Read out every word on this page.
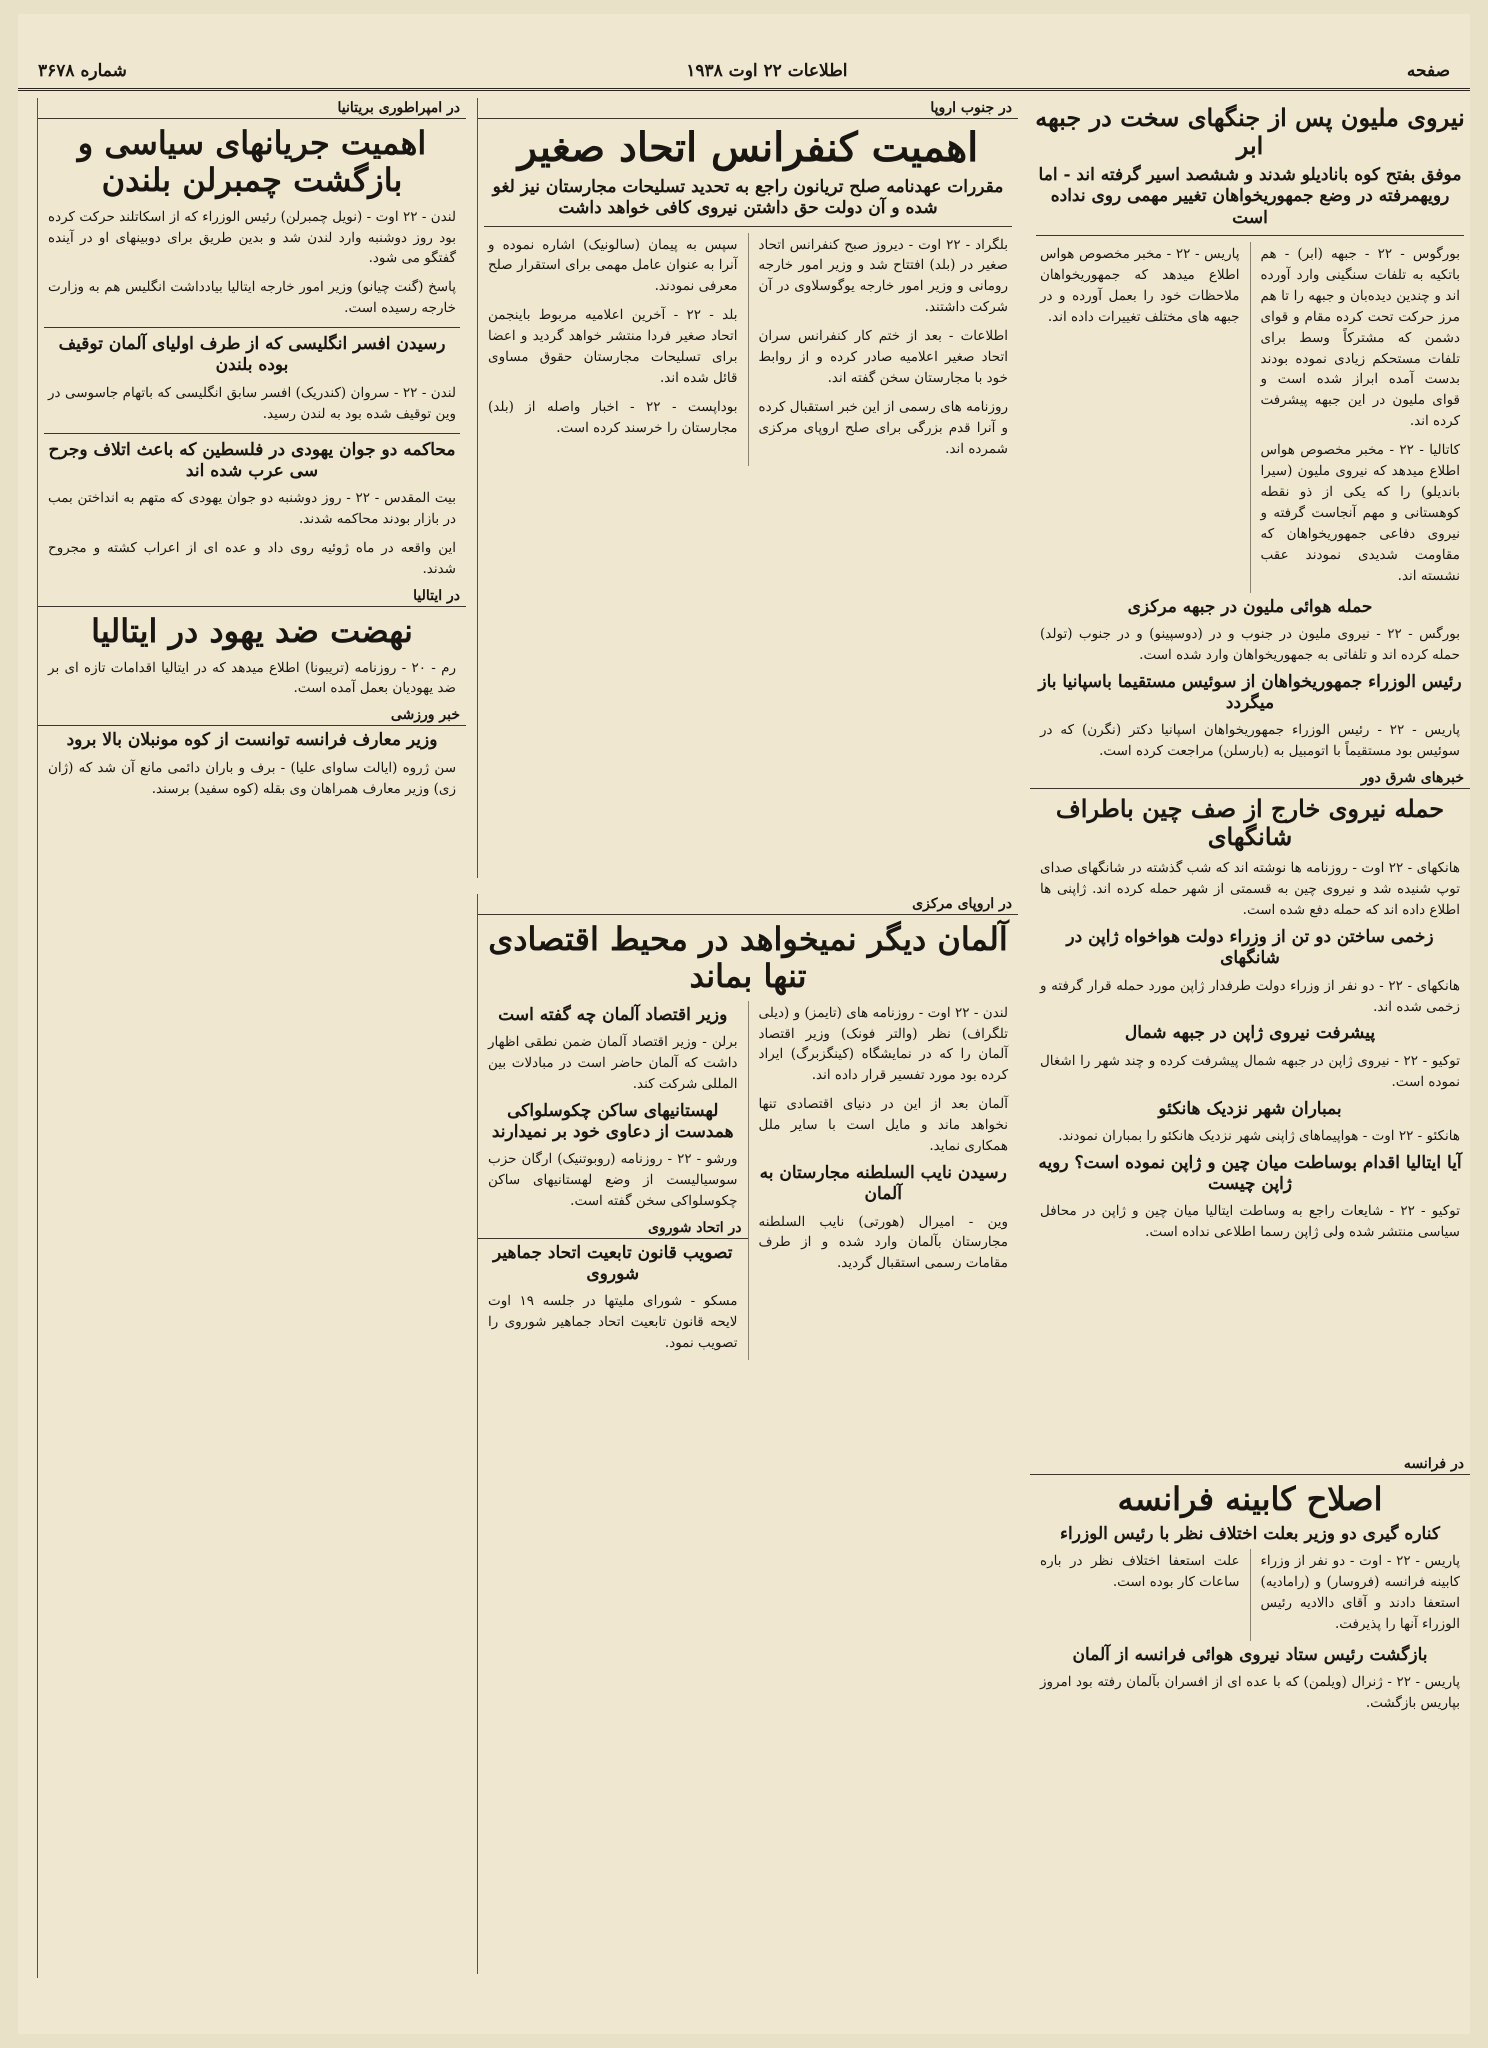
صفحه
اطلاعات ۲۲ اوت ۱۹۳۸
شماره ۳۶۷۸
نیروی ملیون پس از جنگهای سخت در جبهه ابر
موفق بفتح کوه بانادیلو شدند و ششصد اسیر گرفته اند - اما رویهمرفته در وضع جمهوریخواهان تغییر مهمی روی نداده است

بورگوس - ۲۲ - جبهه (ابر) - هم باتکیه به تلفات سنگینی وارد آورده اند و چندین دیده‌بان و جبهه را تا هم مرز حرکت تحت کرده مقام و قوای دشمن که مشترکاً وسط برای تلفات مستحکم زیادی نموده بودند بدست آمده ابراز شده است و قوای ملیون در این جبهه پیشرفت کرده اند.

کاتالیا - ۲۲ - مخبر مخصوص هواس اطلاع میدهد که نیروی ملیون (سیرا باندیلو) را که یکی از ذو نقطه کوهستانی و مهم آنجاست گرفته و نیروی دفاعی جمهوریخواهان که مقاومت شدیدی نمودند عقب نشسته اند.

پاریس - ۲۲ - مخبر مخصوص هواس اطلاع میدهد که جمهوریخواهان ملاحظات خود را بعمل آورده و در جبهه های مختلف تغییرات داده اند.

حمله هوائی ملیون در جبهه مرکزی

بورگس - ۲۲ - نیروی ملیون در جنوب و در (دوسپینو) و در جنوب (تولد) حمله کرده اند و تلفاتی به جمهوریخواهان وارد شده است.

رئیس الوزراء جمهوریخواهان از سوئیس مستقیما باسپانیا باز میگردد

پاریس - ۲۲ - رئیس الوزراء جمهوریخواهان اسپانیا دکتر (نگرن) که در سوئیس بود مستقیماً با اتومبیل به (بارسلن) مراجعت کرده است.

خبرهای شرق دور
حمله نیروی خارج از صف چین باطراف شانگهای

هانکهای - ۲۲ اوت - روزنامه ها نوشته اند که شب گذشته در شانگهای صدای توپ شنیده شد و نیروی چین به قسمتی از شهر حمله کرده اند. ژاپنی ها اطلاع داده اند که حمله دفع شده است.

زخمی ساختن دو تن از وزراء دولت هواخواه ژاپن در شانگهای

هانکهای - ۲۲ - دو نفر از وزراء دولت طرفدار ژاپن مورد حمله قرار گرفته و زخمی شده اند.

پیشرفت نیروی ژاپن در جبهه شمال

توکیو - ۲۲ - نیروی ژاپن در جبهه شمال پیشرفت کرده و چند شهر را اشغال نموده است.

بمباران شهر نزدیک هانکئو

هانکئو - ۲۲ اوت - هواپیماهای ژاپنی شهر نزدیک هانکئو را بمباران نمودند.

آیا ایتالیا اقدام بوساطت میان چین و ژاپن نموده است؟ رویه ژاپن چیست

توکیو - ۲۲ - شایعات راجع به وساطت ایتالیا میان چین و ژاپن در محافل سیاسی منتشر شده ولی ژاپن رسما اطلاعی نداده است.

در فرانسه
اصلاح کابینه فرانسه
کناره گیری دو وزیر بعلت اختلاف نظر با رئیس الوزراء

پاریس - ۲۲ - اوت - دو نفر از وزراء کابینه فرانسه (فروسار) و (رامادیه) استعفا دادند و آقای دالادیه رئیس الوزراء آنها را پذیرفت.

علت استعفا اختلاف نظر در باره ساعات کار بوده است.

بازگشت رئیس ستاد نیروی هوائی فرانسه از آلمان

پاریس - ۲۲ - ژنرال (ویلمن) که با عده ای از افسران بآلمان رفته بود امروز بپاریس بازگشت.

در جنوب اروپا
اهمیت کنفرانس اتحاد صغیر
مقررات عهدنامه صلح تریانون راجع به تحدید تسلیحات مجارستان نیز لغو شده و آن دولت حق داشتن نیروی کافی خواهد داشت

بلگراد - ۲۲ اوت - دیروز صبح کنفرانس اتحاد صغیر در (بلد) افتتاح شد و وزیر امور خارجه رومانی و وزیر امور خارجه یوگوسلاوی در آن شرکت داشتند.

اطلاعات - بعد از ختم کار کنفرانس سران اتحاد صغیر اعلامیه صادر کرده و از روابط خود با مجارستان سخن گفته اند.

روزنامه های رسمی از این خبر استقبال کرده و آنرا قدم بزرگی برای صلح اروپای مرکزی شمرده اند.

سپس به پیمان (سالونیک) اشاره نموده و آنرا به عنوان عامل مهمی برای استقرار صلح معرفی نمودند.

بلد - ۲۲ - آخرین اعلامیه مربوط باینجمن اتحاد صغیر فردا منتشر خواهد گردید و اعضا برای تسلیحات مجارستان حقوق مساوی قائل شده اند.

بوداپست - ۲۲ - اخبار واصله از (بلد) مجارستان را خرسند کرده است.

در اروپای مرکزی
آلمان دیگر نمیخواهد در محیط اقتصادی تنها بماند

لندن - ۲۲ اوت - روزنامه های (تایمز) و (دیلی تلگراف) نظر (والتر فونک) وزیر اقتصاد آلمان را که در نمایشگاه (کینگزبرگ) ایراد کرده بود مورد تفسیر قرار داده اند.

آلمان بعد از این در دنیای اقتصادی تنها نخواهد ماند و مایل است با سایر ملل همکاری نماید.

رسیدن نایب السلطنه مجارستان به آلمان

وین - امیرال (هورتی) نایب السلطنه مجارستان بآلمان وارد شده و از طرف مقامات رسمی استقبال گردید.

وزیر اقتصاد آلمان چه گفته است

برلن - وزیر اقتصاد آلمان ضمن نطقی اظهار داشت که آلمان حاضر است در مبادلات بین المللی شرکت کند.

لهستانیهای ساکن چکوسلواکی همدست از دعاوی خود بر نمیدارند

ورشو - ۲۲ - روزنامه (روبوتنیک) ارگان حزب سوسیالیست از وضع لهستانیهای ساکن چکوسلواکی سخن گفته است.

در اتحاد شوروی
تصویب قانون تابعیت اتحاد جماهیر شوروی

مسکو - شورای ملیتها در جلسه ۱۹ اوت لایحه قانون تابعیت اتحاد جماهیر شوروی را تصویب نمود.

در امپراطوری بریتانیا
اهمیت جریانهای سیاسی و بازگشت چمبرلن بلندن

لندن - ۲۲ اوت - (نویل چمبرلن) رئیس الوزراء که از اسکاتلند حرکت کرده بود روز دوشنبه وارد لندن شد و بدین طریق برای دوبینهای او در آینده گفتگو می شود.

پاسخ (گنت چیانو) وزیر امور خارجه ایتالیا بیادداشت انگلیس هم به وزارت خارجه رسیده است.

رسیدن افسر انگلیسی که از طرف اولیای آلمان توقیف بوده بلندن

لندن - ۲۲ - سروان (کندریک) افسر سابق انگلیسی که باتهام جاسوسی در وین توقیف شده بود به لندن رسید.

محاکمه دو جوان یهودی در فلسطین که باعث اتلاف وجرح سی عرب شده اند

بیت المقدس - ۲۲ - روز دوشنبه دو جوان یهودی که متهم به انداختن بمب در بازار بودند محاکمه شدند.

این واقعه در ماه ژوئیه روی داد و عده ای از اعراب کشته و مجروح شدند.

در ایتالیا
نهضت ضد یهود در ایتالیا

رم - ۲۰ - روزنامه (تریبونا) اطلاع میدهد که در ایتالیا اقدامات تازه ای بر ضد یهودیان بعمل آمده است.

خبر ورزشی
وزیر معارف فرانسه توانست از کوه مونبلان بالا برود

سن ژروه (ایالت ساوای علیا) - برف و باران دائمی مانع آن شد که (ژان زی) وزیر معارف همراهان وی بقله (کوه سفید) برسند.
